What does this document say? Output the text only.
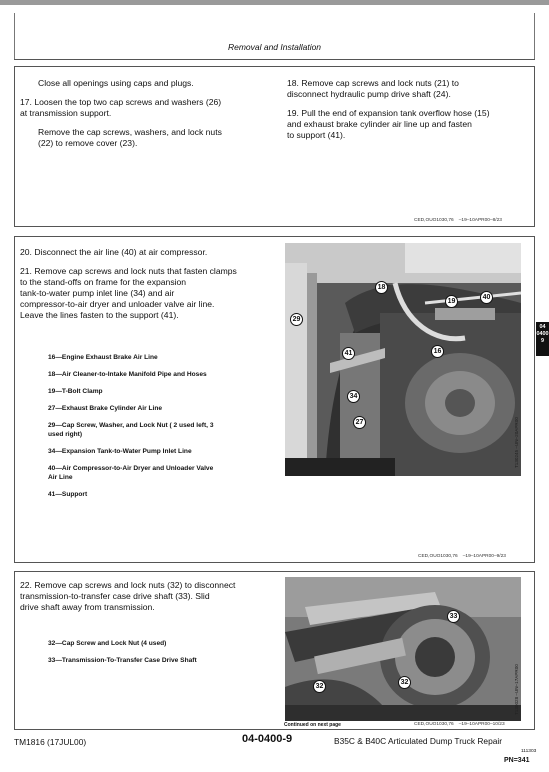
Removal and Installation

Close all openings using caps and plugs.

17. Loosen the top two cap screws and washers (26)
at transmission support.

Remove the cap screws, washers, and lock nuts
(22) to remove cover (23).

18. Remove cap screws and lock nuts (21) to
disconnect hydraulic pump drive shaft (24).

19. Pull the end of expansion tank overflow hose (15)
and exhaust brake cylinder air line up and fasten
to support (41).

CED,OUO1030,76 –19–10APR00–8/23

20. Disconnect the air line (40) at air compressor.

21. Remove cap screws and lock nuts that fasten clamps
to the stand-offs on frame for the expansion
tank-to-water pump inlet line (34) and air
compressor-to-air dryer and unloader valve air line.
Leave the lines fasten to the support (41).

16—Engine Exhaust Brake Air Line

18—Air Cleaner-to-Intake Manifold Pipe and Hoses

19—T-Bolt Clamp

27—Exhaust Brake Cylinder Air Line

29—Cap Screw, Washer, and Lock Nut ( 2 used left, 3
used right)

34—Expansion Tank-to-Water Pump Inlet Line

40—Air Compressor-to-Air Dryer and Unloader Valve
Air Line

41—Support

18
40
19
29
41	16
34
27
T130245 –UN–20APR00
CED,OUO1030,76 –19–10APR00–9/23
04
0400
9

22. Remove cap screws and lock nuts (32) to disconnect
transmission-to-transfer case drive shaft (33). Slid
drive shaft away from transmission.

32—Cap Screw and Lock Nut (4 used)

33—Transmission-To-Transfer Case Drive Shaft

33
32
32
T130028 –UN–17APR00
Continued on next page	CED,OUO1030,76 –19–10APR00–10/23
TM1816 (17JUL00)	04-0400-9	B35C & B40C Articulated Dump Truck Repair
111303
PN=341
